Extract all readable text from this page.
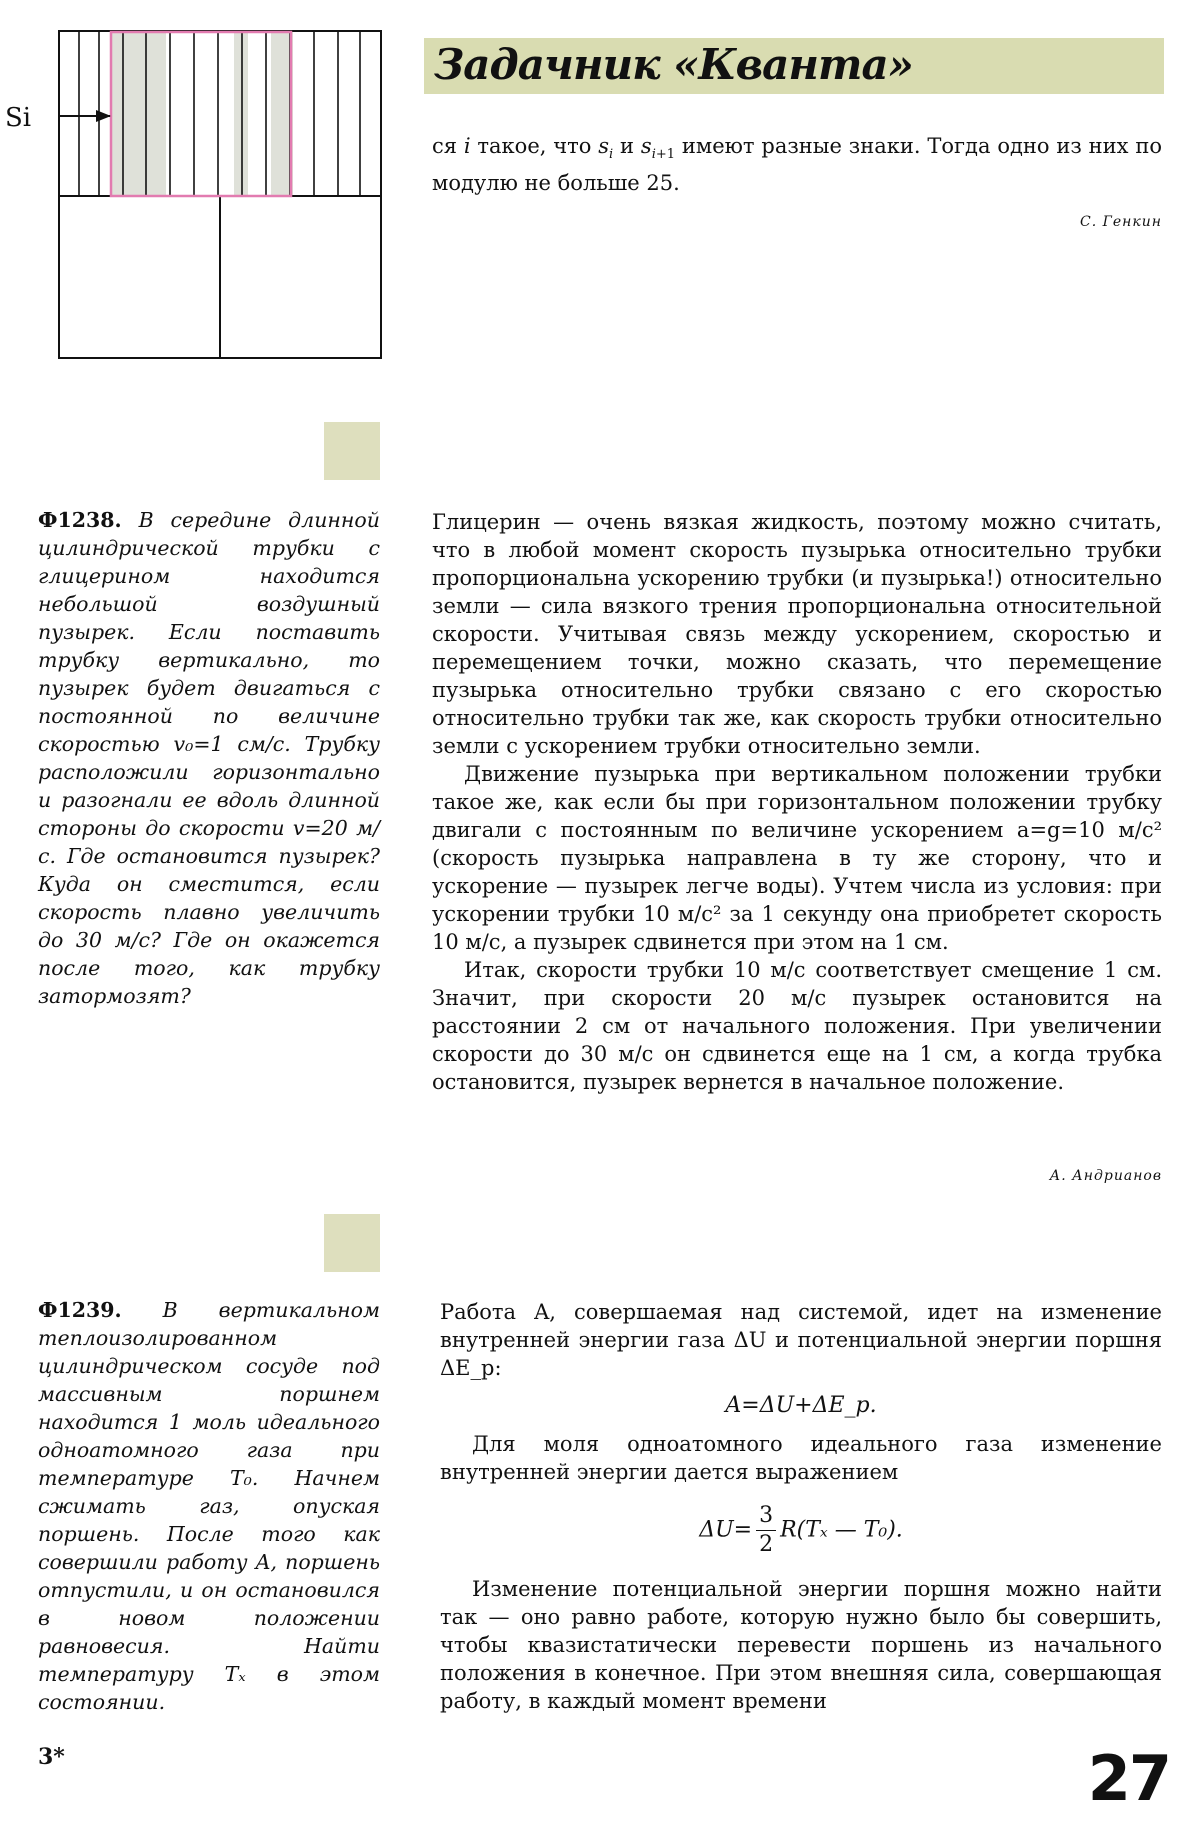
Si
Задачник «Кванта»

ся i такое, что $s_i$ и $s_{i+1}$ имеют разные знаки. Тогда одно из них по модулю не больше 25.

С. Генкин
Ф1238. В середине длинной цилиндрической трубки с глицерином находится небольшой воздушный пузырек. Если поставить трубку вертикально, то пузырек будет двигаться с постоянной по величине скоростью v₀=1 см/с. Трубку расположили горизонтально и разогнали ее вдоль длинной стороны до скорости v=20 м/с. Где остановится пузырек? Куда он сместится, если скорость плавно увеличить до 30 м/с? Где он окажется после того, как трубку затормозят?

Глицерин — очень вязкая жидкость, поэтому можно считать, что в любой момент скорость пузырька относительно трубки пропорциональна ускорению трубки (и пузырька!) относительно земли — сила вязкого трения пропорциональна относительной скорости. Учитывая связь между ускорением, скоростью и перемещением точки, можно сказать, что перемещение пузырька относительно трубки связано с его скоростью относительно трубки так же, как скорость трубки относительно земли с ускорением трубки относительно земли.

Движение пузырька при вертикальном положении трубки такое же, как если бы при горизонтальном положении трубку двигали с постоянным по величине ускорением a=g=10 м/с² (скорость пузырька направлена в ту же сторону, что и ускорение — пузырек легче воды). Учтем числа из условия: при ускорении трубки 10 м/с² за 1 секунду она приобретет скорость 10 м/с, а пузырек сдвинется при этом на 1 см.

Итак, скорости трубки 10 м/с соответствует смещение 1 см. Значит, при скорости 20 м/с пузырек остановится на расстоянии 2 см от начального положения. При увеличении скорости до 30 м/с он сдвинется еще на 1 см, а когда трубка остановится, пузырек вернется в начальное положение.

А. Андрианов
Ф1239. В вертикальном теплоизолированном цилиндрическом сосуде под массивным поршнем находится 1 моль идеального одноатомного газа при температуре T₀. Начнем сжимать газ, опуская поршень. После того как совершили работу A, поршень отпустили, и он остановился в новом положении равновесия. Найти температуру Tₓ в этом состоянии.

Работа A, совершаемая над системой, идет на изменение внутренней энергии газа ΔU и потенциальной энергии поршня ΔE_p:

A=ΔU+ΔE_p.

Для моля одноатомного идеального газа изменение внутренней энергии дается выражением

$\Delta U= \frac{3}{2} R(T_x$ — T₀).

Изменение потенциальной энергии поршня можно найти так — оно равно работе, которую нужно было бы совершить, чтобы квазистатически перевести поршень из начального положения в конечное. При этом внешняя сила, совершающая работу, в каждый момент времени

3*	27
